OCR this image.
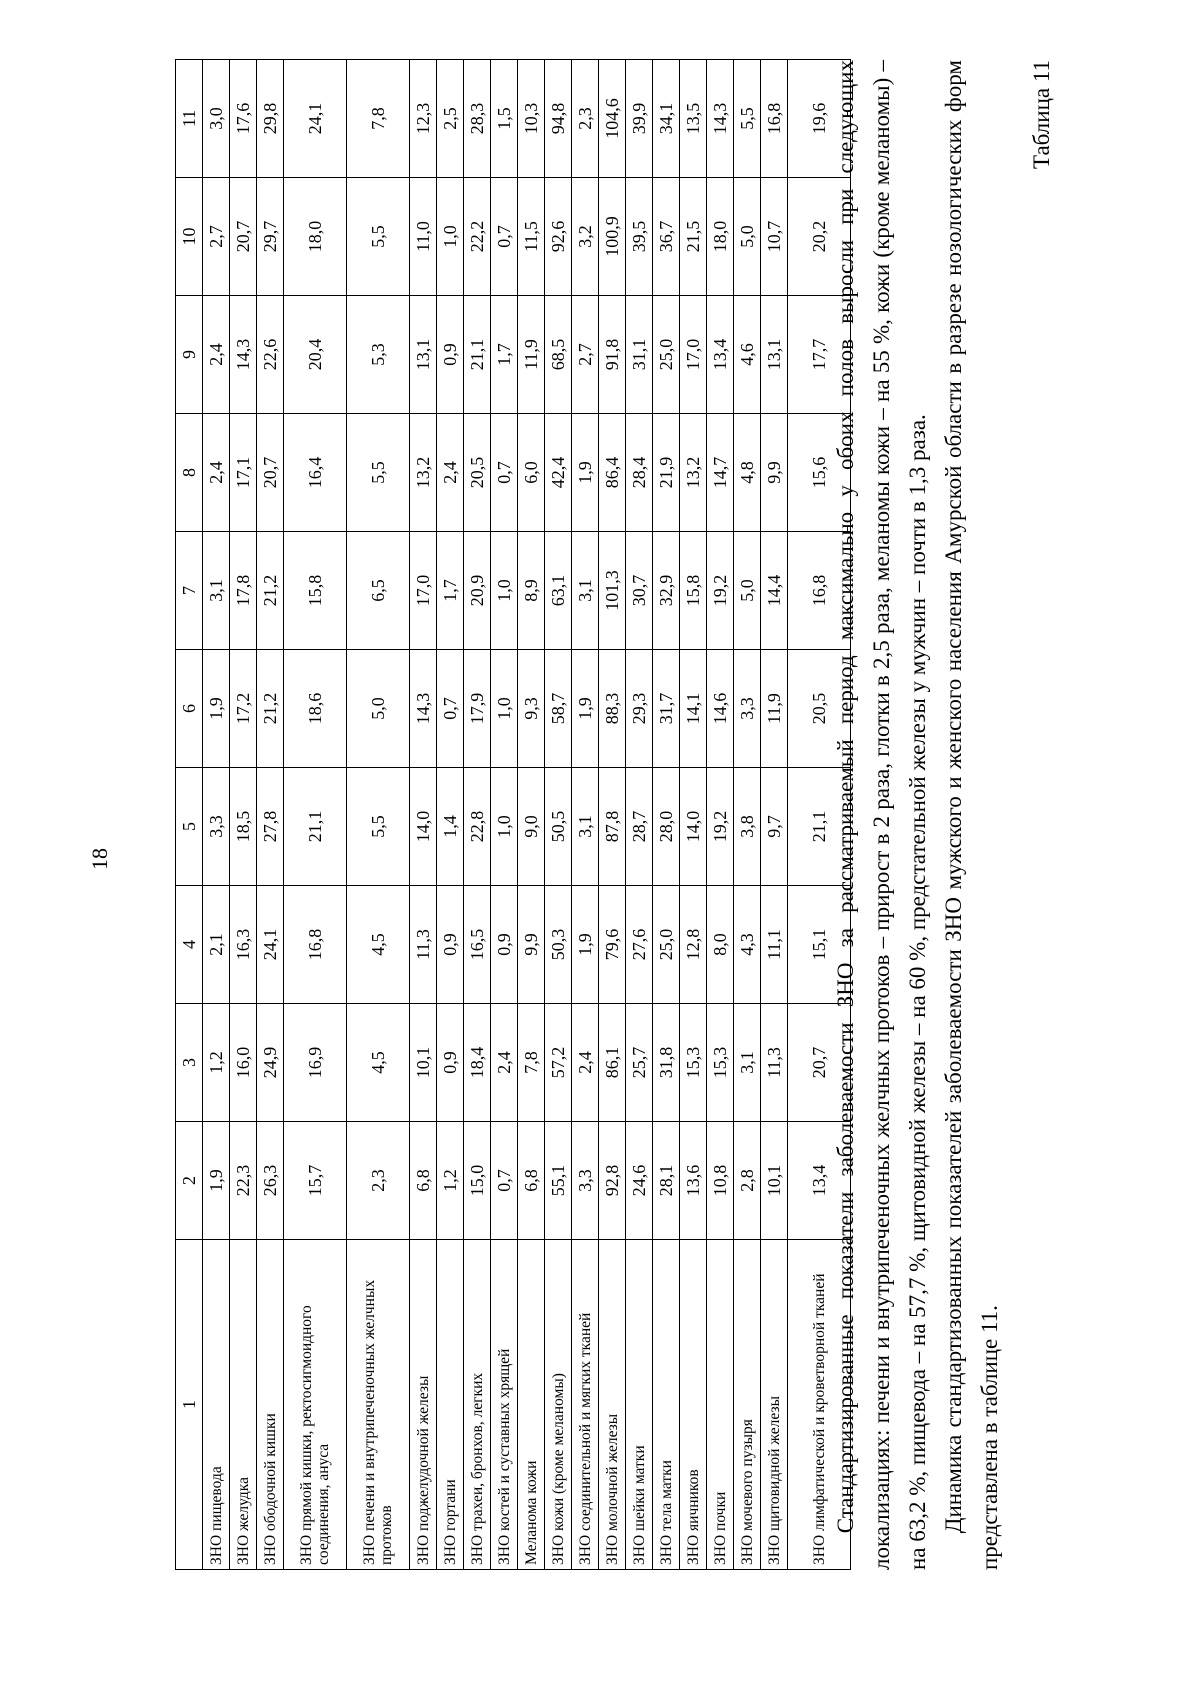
18
1	2	3	4	5	6	7	8	9	10	11
ЗНО пищевода	1,9	1,2	2,1	3,3	1,9	3,1	2,4	2,4	2,7	3,0
ЗНО желудка	22,3	16,0	16,3	18,5	17,2	17,8	17,1	14,3	20,7	17,6
ЗНО ободочной кишки	26,3	24,9	24,1	27,8	21,2	21,2	20,7	22,6	29,7	29,8
ЗНО прямой кишки, ректосигмоидного соединения, ануса	15,7	16,9	16,8	21,1	18,6	15,8	16,4	20,4	18,0	24,1
ЗНО печени и внутрипеченочных желчных протоков	2,3	4,5	4,5	5,5	5,0	6,5	5,5	5,3	5,5	7,8
ЗНО поджелудочной железы	6,8	10,1	11,3	14,0	14,3	17,0	13,2	13,1	11,0	12,3
ЗНО гортани	1,2	0,9	0,9	1,4	0,7	1,7	2,4	0,9	1,0	2,5
ЗНО трахеи, бронхов, легких	15,0	18,4	16,5	22,8	17,9	20,9	20,5	21,1	22,2	28,3
ЗНО костей и суставных хрящей	0,7	2,4	0,9	1,0	1,0	1,0	0,7	1,7	0,7	1,5
Меланома кожи	6,8	7,8	9,9	9,0	9,3	8,9	6,0	11,9	11,5	10,3
ЗНО кожи (кроме меланомы)	55,1	57,2	50,3	50,5	58,7	63,1	42,4	68,5	92,6	94,8
ЗНО соединительной и мягких тканей	3,3	2,4	1,9	3,1	1,9	3,1	1,9	2,7	3,2	2,3
ЗНО молочной железы	92,8	86,1	79,6	87,8	88,3	101,3	86,4	91,8	100,9	104,6
ЗНО шейки матки	24,6	25,7	27,6	28,7	29,3	30,7	28,4	31,1	39,5	39,9
ЗНО тела матки	28,1	31,8	25,0	28,0	31,7	32,9	21,9	25,0	36,7	34,1
ЗНО яичников	13,6	15,3	12,8	14,0	14,1	15,8	13,2	17,0	21,5	13,5
ЗНО почки	10,8	15,3	8,0	19,2	14,6	19,2	14,7	13,4	18,0	14,3
ЗНО мочевого пузыря	2,8	3,1	4,3	3,8	3,3	5,0	4,8	4,6	5,0	5,5
ЗНО щитовидной железы	10,1	11,3	11,1	9,7	11,9	14,4	9,9	13,1	10,7	16,8
ЗНО лимфатической и кроветворной тканей	13,4	20,7	15,1	21,1	20,5	16,8	15,6	17,7	20,2	19,6 Стандартизированные показатели заболеваемости ЗНО за рассматриваемый период максимально у обоих полов выросли при следующих локализациях: печени и внутрипеченочных желчных протоков – прирост в 2 раза, глотки в 2,5 раза, меланомы кожи – на 55 %, кожи (кроме меланомы) – на 63,2 %, пищевода – на 57,7 %, щитовидной железы – на 60 %, предстательной железы у мужчин – почти в 1,3 раза. Динамика стандартизованных показателей заболеваемости ЗНО мужского и женского населения Амурской области в разрезе нозологических форм представлена в таблице 11.

Таблица 11
